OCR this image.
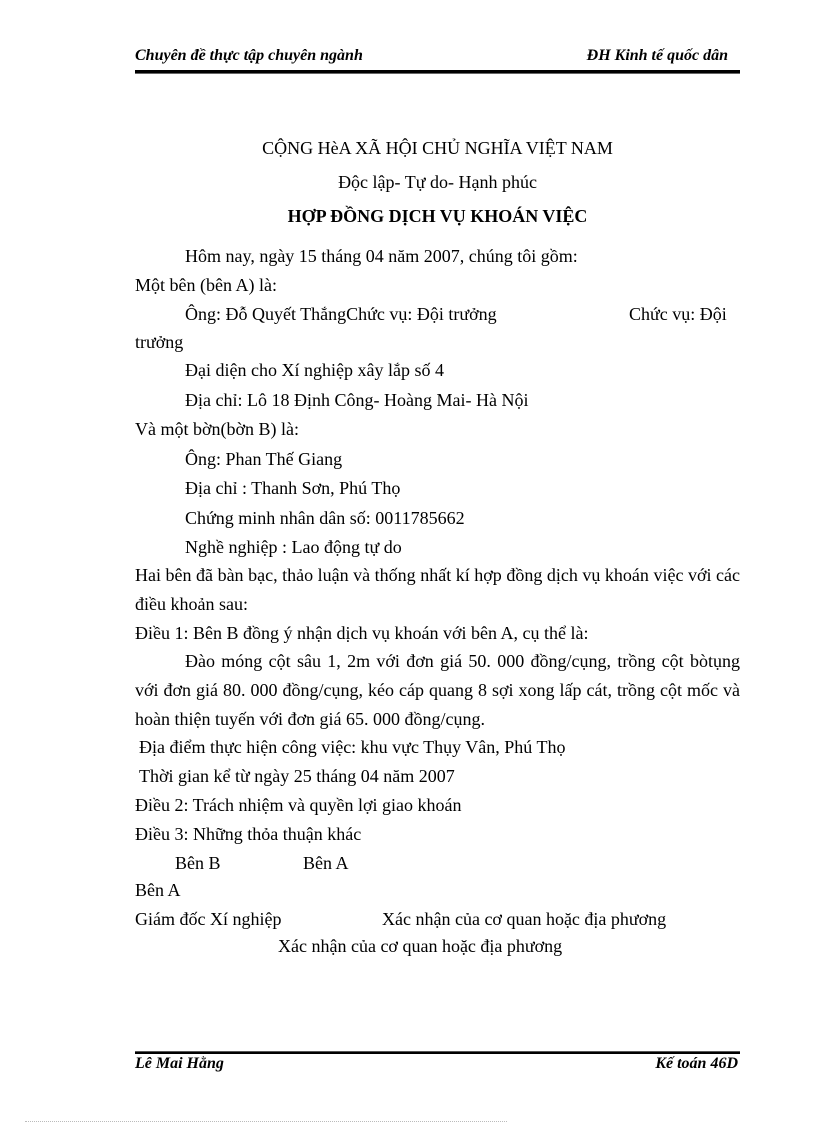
Chuyên đề thực tập chuyên ngành	ĐH Kinh tế quốc dân
CỘNG HèA XÃ HỘI CHỦ NGHĨA VIỆT NAM
Độc lập- Tự do- Hạnh phúc
HỢP ĐỒNG DỊCH VỤ KHOÁN VIỆC
Hôm nay, ngày 15 tháng 04 năm 2007, chúng tôi gồm:
Một bên (bên A) là:
Ông: Đỗ Quyết ThắngChức vụ: Đội trưởng	Chức vụ: Đội
trưởng
Đại diện cho Xí nghiệp xây lắp số 4
Địa chỉ: Lô 18 Định Công- Hoàng Mai- Hà Nội
Và một bờn(bờn B) là:
Ông: Phan Thế Giang
Địa chỉ : Thanh Sơn, Phú Thọ
Chứng minh nhân dân số: 0011785662
Nghề nghiệp : Lao động tự do
Hai bên đã bàn bạc, thảo luận và thống nhất kí hợp đồng dịch vụ khoán việc với các điều khoản sau:
Điều 1: Bên B đồng ý nhận dịch vụ khoán với bên A, cụ thể là:
Đào móng cột sâu 1, 2m với đơn giá 50. 000 đồng/cụng, trồng cột bòtụng với đơn giá 80. 000 đồng/cụng, kéo cáp quang 8 sợi xong lấp cát, trồng cột mốc và hoàn thiện tuyến với đơn giá 65. 000 đồng/cụng.
Địa điểm thực hiện công việc: khu vực Thụy Vân, Phú Thọ
Thời gian kể từ ngày 25 tháng 04 năm 2007
Điều 2: Trách nhiệm và quyền lợi giao khoán
Điều 3: Những thỏa thuận khác
Bên B	Bên A
Bên A
Giám đốc Xí nghiệp	Xác nhận của cơ quan hoặc địa phương
Xác nhận của cơ quan hoặc địa phương
Lê Mai Hằng	Kế toán 46D
